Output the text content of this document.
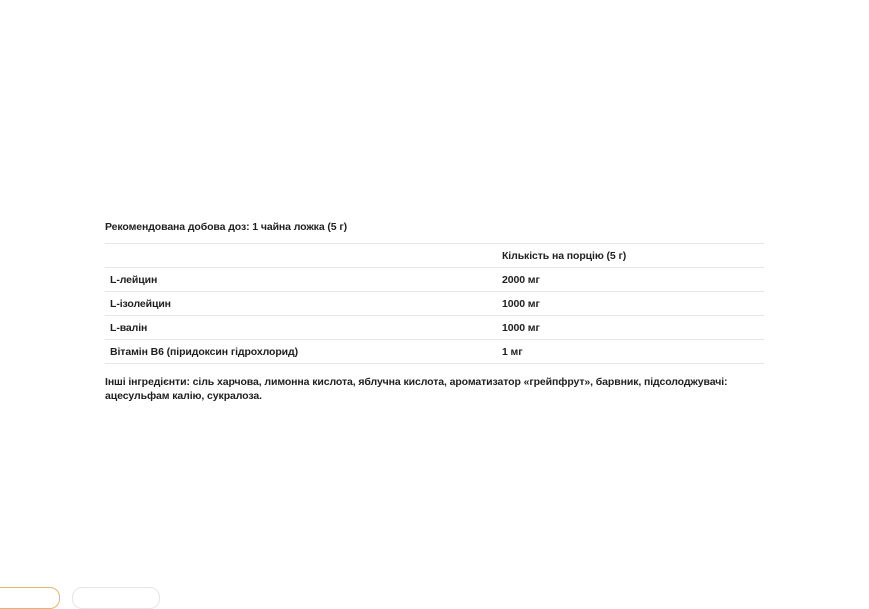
Рекомендована добова доз: 1 чайна ложка (5 г)

	Кількість на порцію (5 г)
L-лейцин	2000 мг
L-ізолейцин	1000 мг
L-валін	1000 мг
Вітамін В6 (піридоксин гідрохлорид)	1 мг

Інші інгредієнти: сіль харчова, лимонна кислота, яблучна кислота, ароматизатор «грейпфрут», барвник, підсолоджувачі: ацесульфам калію, сукралоза.
